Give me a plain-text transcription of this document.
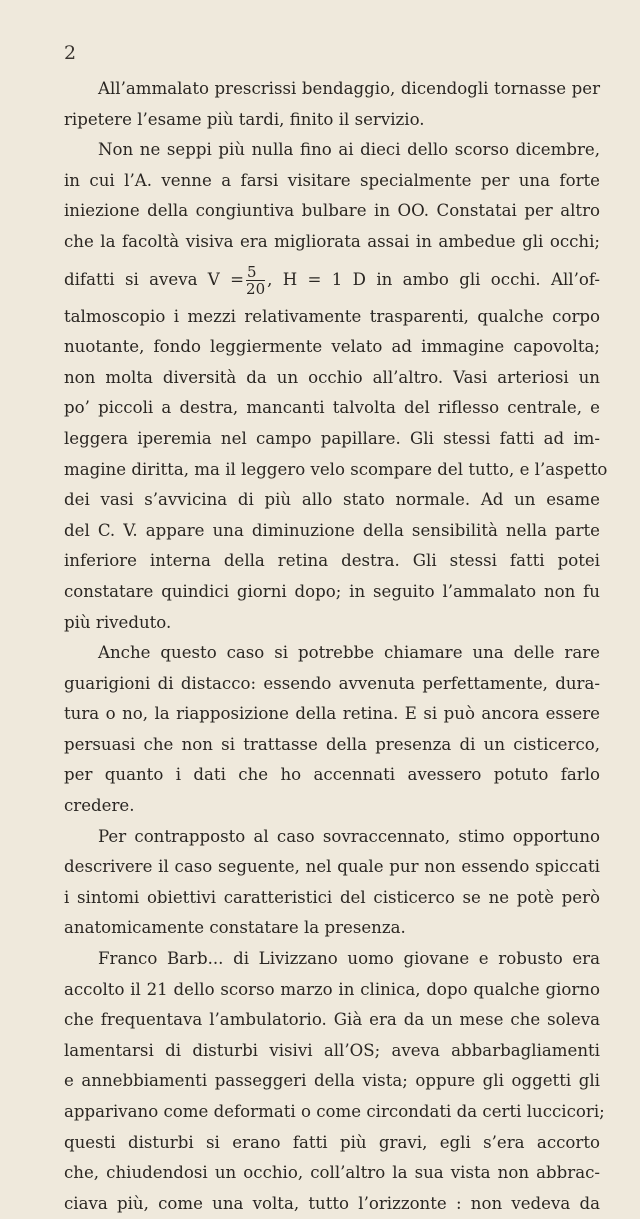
2
All’ammalato prescrissi bendaggio, dicendogli tornasse per
ripetere l’esame più tardi, finito il servizio.
Non ne seppi più nulla fino ai dieci dello scorso dicembre,
in cui l’A. venne a farsi visitare specialmente per una forte
iniezione della congiuntiva bulbare in OO. Constatai per altro
che la facoltà visiva era migliorata assai in ambedue gli occhi;
difatti si aveva $V = \frac{5}{20}$ , H = 1 D in ambo gli occhi. All’of-
talmoscopio i mezzi relativamente trasparenti, qualche corpo
nuotante, fondo leggiermente velato ad immagine capovolta;
non molta diversità da un occhio all’altro. Vasi arteriosi un
po’ piccoli a destra, mancanti talvolta del riflesso centrale, e
leggera iperemia nel campo papillare. Gli stessi fatti ad im-
magine diritta, ma il leggero velo scompare del tutto, e l’aspetto
dei vasi s’avvicina di più allo stato normale. Ad un esame
del C. V. appare una diminuzione della sensibilità nella parte
inferiore interna della retina destra. Gli stessi fatti potei
constatare quindici giorni dopo; in seguito l’ammalato non fu
più riveduto.
Anche questo caso si potrebbe chiamare una delle rare
guarigioni di distacco: essendo avvenuta perfettamente, dura-
tura o no, la riapposizione della retina. E si può ancora essere
persuasi che non si trattasse della presenza di un cisticerco,
per quanto i dati che ho accennati avessero potuto farlo
credere.
Per contrapposto al caso sovraccennato, stimo opportuno
descrivere il caso seguente, nel quale pur non essendo spiccati
i sintomi obiettivi caratteristici del cisticerco se ne potè però
anatomicamente constatare la presenza.
Franco Barb... di Livizzano uomo giovane e robusto era
accolto il 21 dello scorso marzo in clinica, dopo qualche giorno
che frequentava l’ambulatorio. Già era da un mese che soleva
lamentarsi di disturbi visivi all’OS; aveva abbarbagliamenti
e annebbiamenti passeggeri della vista; oppure gli oggetti gli
apparivano come deformati o come circondati da certi luccicori;
questi disturbi si erano fatti più gravi, egli s’era accorto
che, chiudendosi un occhio, coll’altro la sua vista non abbrac-
ciava più, come una volta, tutto l’orizzonte : non vedeva da
